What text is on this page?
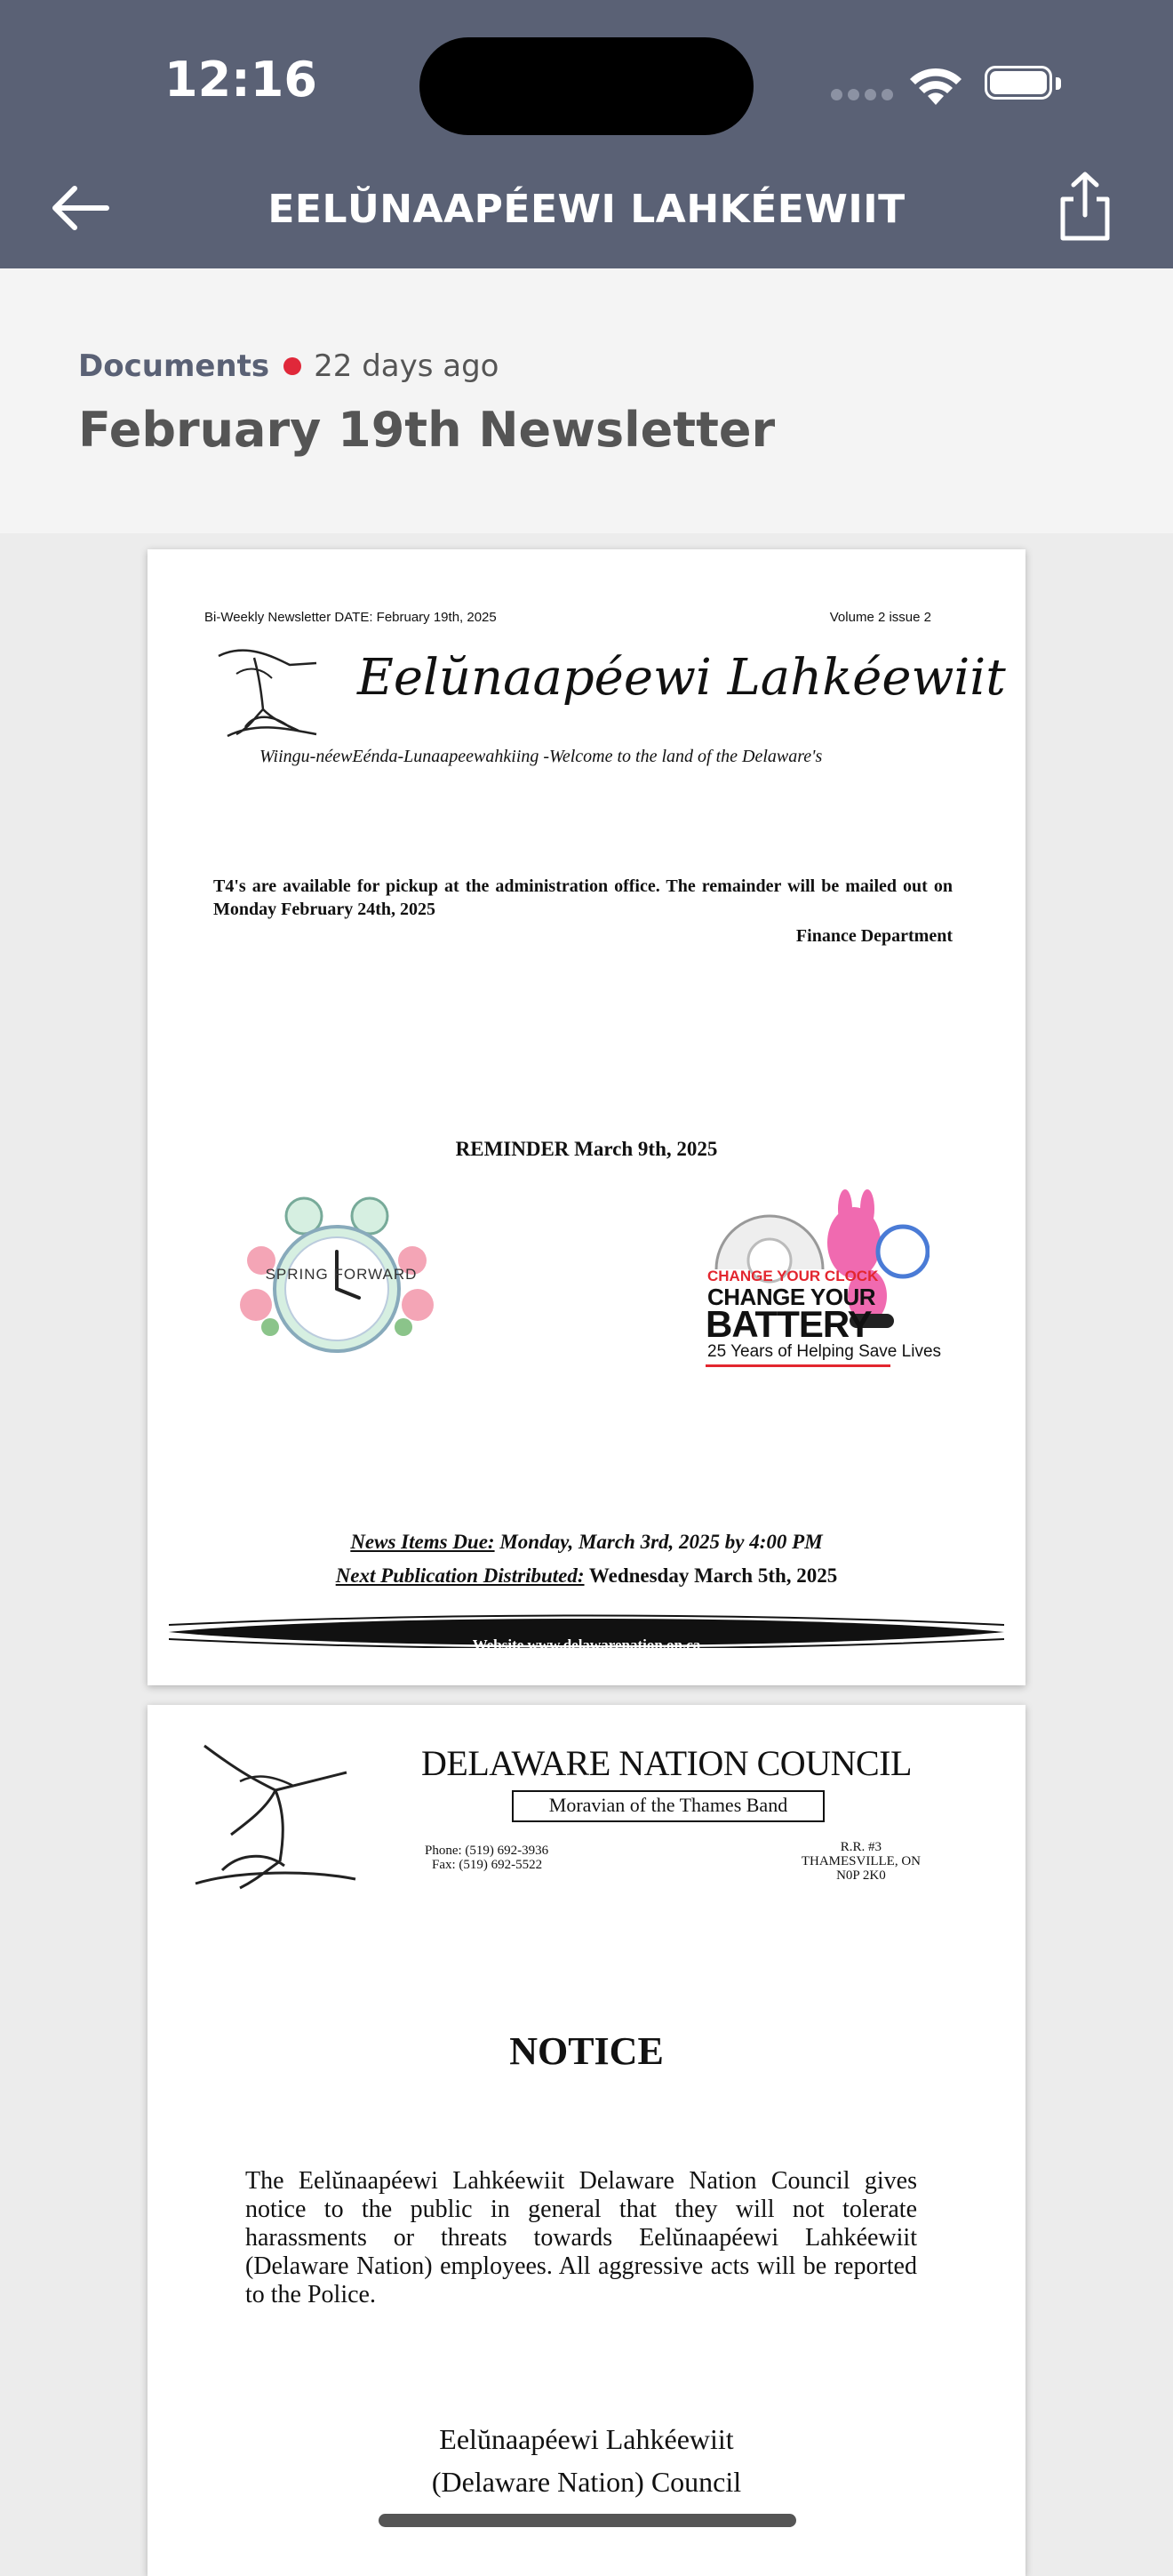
12:16
EELŬNAAPÉEWI LAHKÉEWIIT
Documents 22 days ago
February 19th Newsletter
Bi-Weekly Newsletter DATE: February 19th, 2025	Volume 2 issue 2
Eelŭnaapéewi Lahkéewiit
Wiingu-néewEénda-Lunaapeewahkiing -Welcome to the land of the Delaware's
T4's are available for pickup at the administration office. The remainder will be mailed out on Monday February 24th, 2025
Finance Department
REMINDER March 9th, 2025
SPRING FORWARD	CHANGE YOUR CLOCK
CHANGE YOUR
BATTERY
25 Years of Helping Save Lives
News Items Due: Monday, March 3rd, 2025 by 4:00 PM
Next Publication Distributed: Wednesday March 5th, 2025
Website www.delawarenation.on.ca
DELAWARE NATION COUNCIL
Moravian of the Thames Band
Phone: (519) 692-3936
Fax: (519) 692-5522
R.R. #3
THAMESVILLE, ON
N0P 2K0
NOTICE
The Eelŭnaapéewi Lahkéewiit Delaware Nation Council gives notice to the public in general that they will not tolerate harassments or threats towards Eelŭnaapéewi Lahkéewiit (Delaware Nation) employees. All aggressive acts will be reported to the Police.
Eelŭnaapéewi Lahkéewiit
(Delaware Nation) Council
